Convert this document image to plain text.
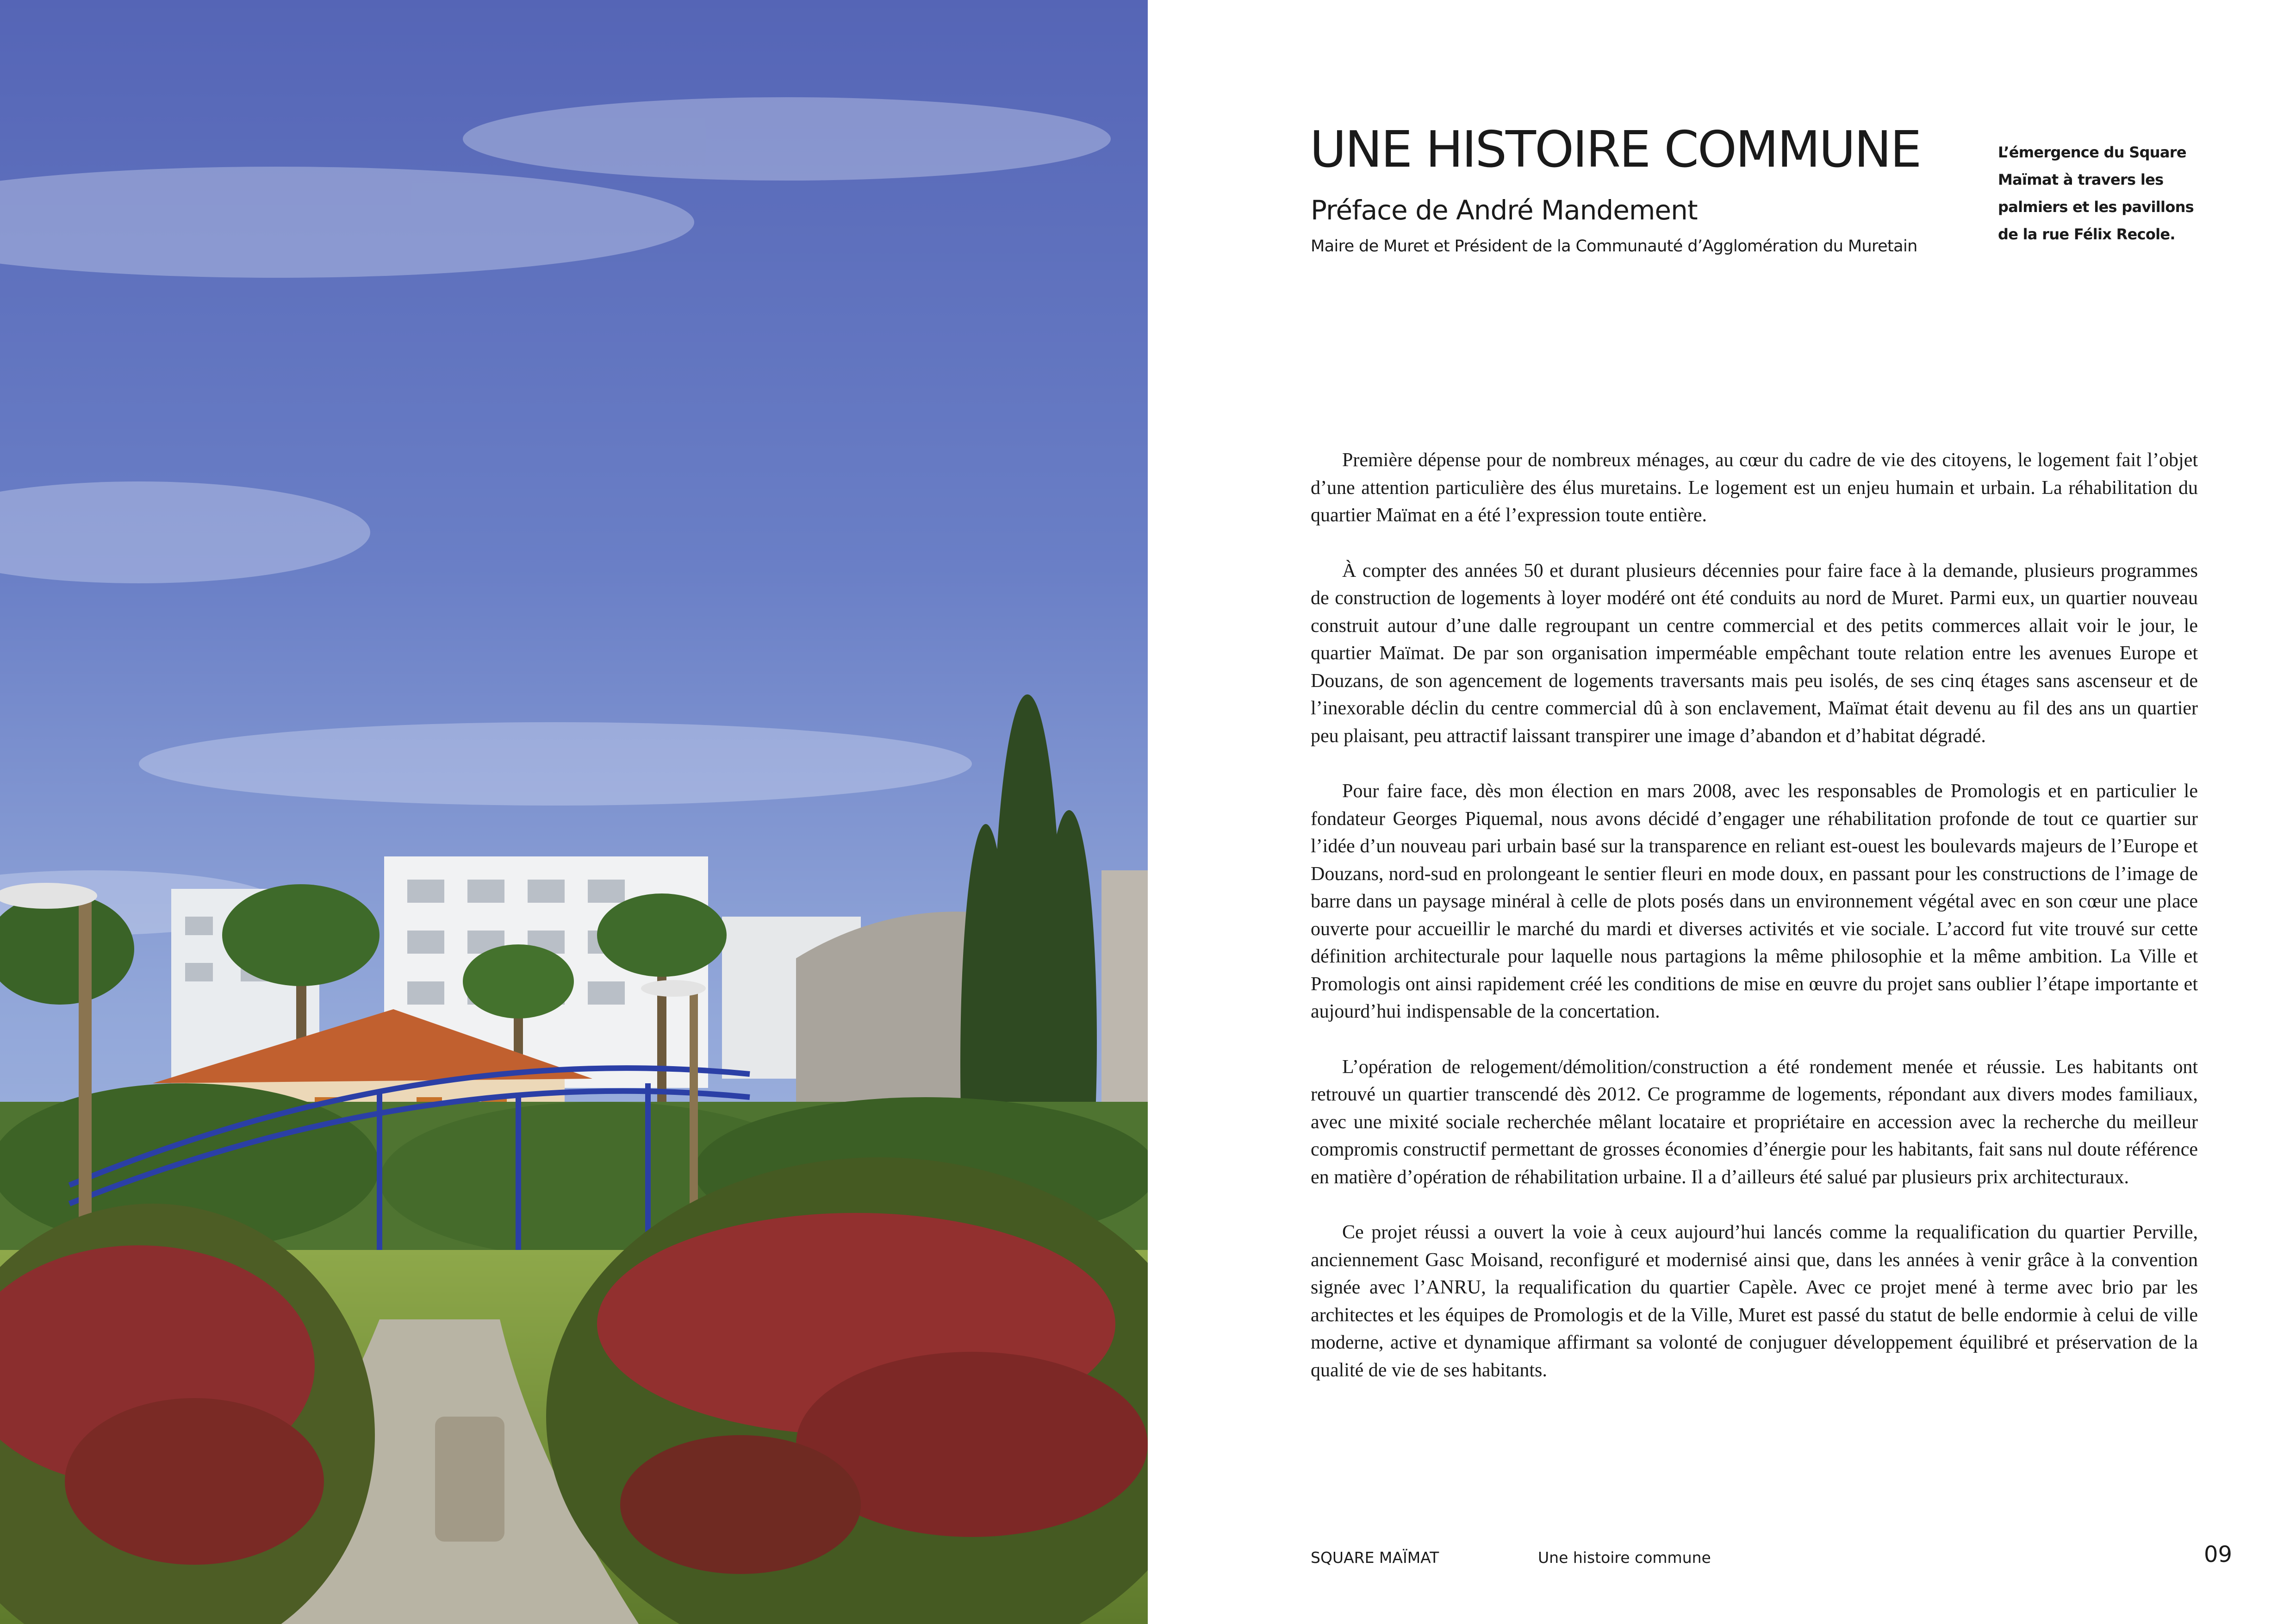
UNE HISTOIRE COMMUNE
Préface de André Mandement
Maire de Muret et Président de la Communauté d’Agglomération du Muretain
L’émergence du Square
Maïmat à travers les
palmiers et les pavillons
de la rue Félix Recole.

Première dépense pour de nombreux ménages, au cœur du cadre de vie des citoyens, le logement fait l’objet d’une attention particulière des élus muretains. Le logement est un enjeu humain et urbain. La réhabilitation du quartier Maïmat en a été l’expression toute entière.

À compter des années 50 et durant plusieurs décennies pour faire face à la demande, plusieurs programmes de construction de logements à loyer modéré ont été conduits au nord de Muret. Parmi eux, un quartier nouveau construit autour d’une dalle regroupant un centre commercial et des petits commerces allait voir le jour, le quartier Maïmat. De par son organisation imperméable empêchant toute relation entre les avenues Europe et Douzans, de son agencement de logements traversants mais peu isolés, de ses cinq étages sans ascenseur et de l’inexorable déclin du centre commercial dû à son enclavement, Maïmat était devenu au fil des ans un quartier peu plaisant, peu attractif laissant transpirer une image d’abandon et d’habitat dégradé.

Pour faire face, dès mon élection en mars 2008, avec les responsables de Promologis et en particulier le fondateur Georges Piquemal, nous avons décidé d’engager une réhabilitation profonde de tout ce quartier sur l’idée d’un nouveau pari urbain basé sur la transparence en reliant est-ouest les boulevards majeurs de l’Europe et Douzans, nord-sud en prolongeant le sentier fleuri en mode doux, en passant pour les constructions de l’image de barre dans un paysage minéral à celle de plots posés dans un environnement végétal avec en son cœur une place ouverte pour accueillir le marché du mardi et diverses activités et vie sociale. L’accord fut vite trouvé sur cette définition architecturale pour laquelle nous partagions la même philosophie et la même ambition. La Ville et Promologis ont ainsi rapidement créé les conditions de mise en œuvre du projet sans oublier l’étape importante et aujourd’hui indispensable de la concertation.

L’opération de relogement/démolition/construction a été rondement menée et réussie. Les habitants ont retrouvé un quartier transcendé dès 2012. Ce programme de logements, répondant aux divers modes familiaux, avec une mixité sociale recherchée mêlant locataire et propriétaire en accession avec la recherche du meilleur compromis constructif permettant de grosses économies d’énergie pour les habitants, fait sans nul doute référence en matière d’opération de réhabilitation urbaine. Il a d’ailleurs été salué par plusieurs prix architecturaux.

Ce projet réussi a ouvert la voie à ceux aujourd’hui lancés comme la requalification du quartier Perville, anciennement Gasc Moisand, reconfiguré et modernisé ainsi que, dans les années à venir grâce à la convention signée avec l’ANRU, la requalification du quartier Capèle. Avec ce projet mené à terme avec brio par les architectes et les équipes de Promologis et de la Ville, Muret est passé du statut de belle endormie à celui de ville moderne, active et dynamique affirmant sa volonté de conjuguer développement équilibré et préservation de la qualité de vie de ses habitants.

SQUARE MAÏMAT	Une histoire commune	09
